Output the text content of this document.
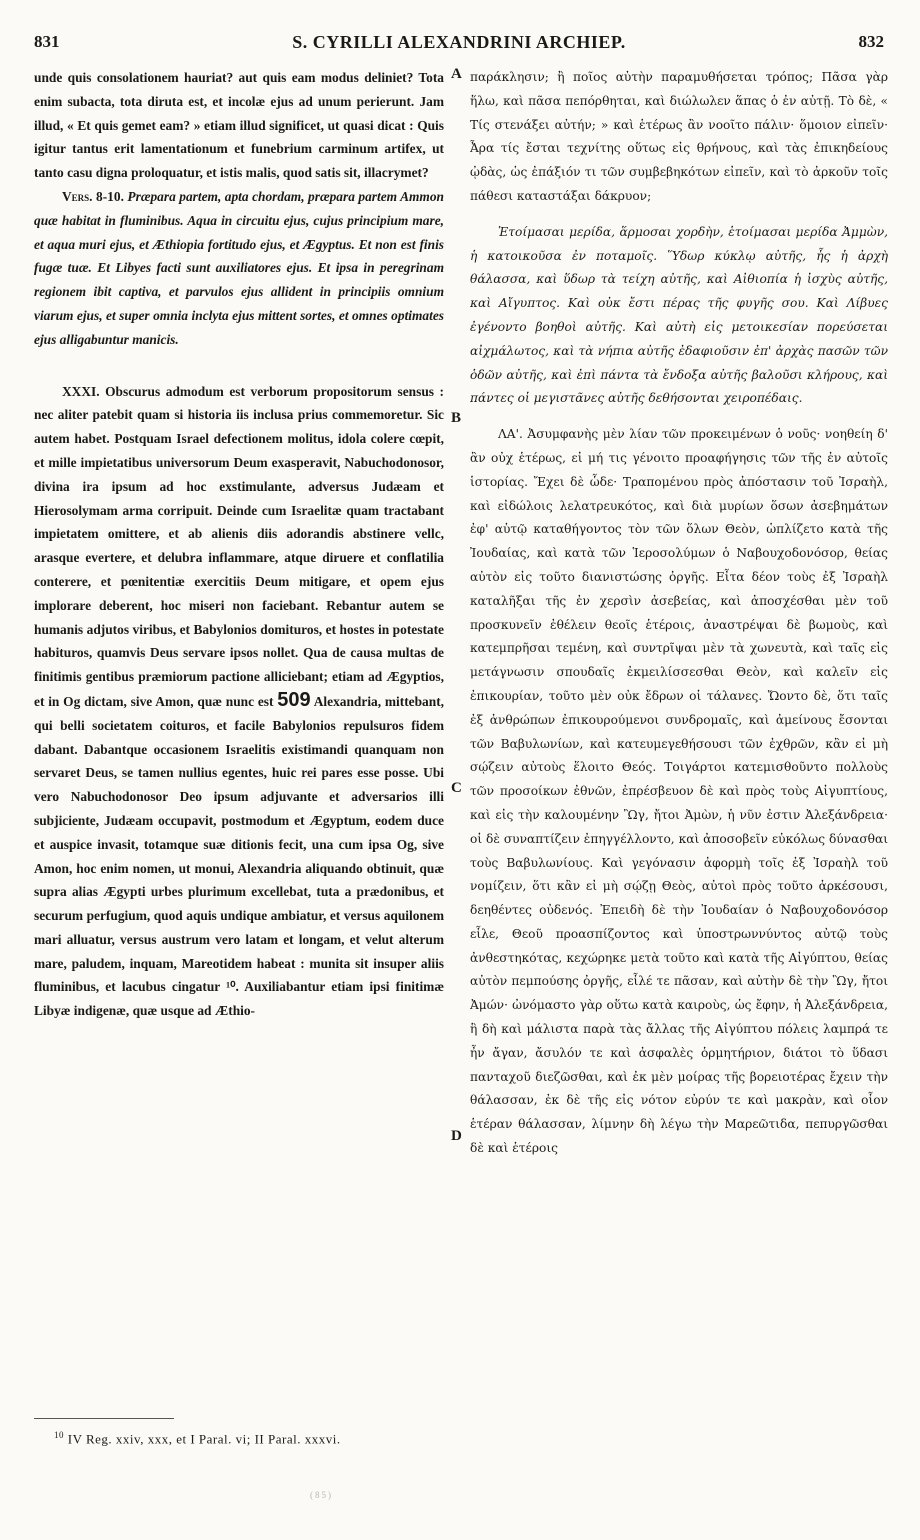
831	S. CYRILLI ALEXANDRINI ARCHIEP.	832

unde quis consolationem hauriat? aut quis eam modus deliniet? Tota enim subacta, tota diruta est, et incolæ ejus ad unum perierunt. Jam illud, « Et quis gemet eam? » etiam illud significet, ut quasi dicat : Quis igitur tantus erit lamentationum et funebrium carminum artifex, ut tanto casu digna proloquatur, et istis malis, quod satis sit, illacrymet?

Vers. 8-10. Præpara partem, apta chordam, præpara partem Ammon quæ habitat in fluminibus. Aqua in circuitu ejus, cujus principium mare, et aqua muri ejus, et Æthiopia fortitudo ejus, et Ægyptus. Et non est finis fugæ tuæ. Et Libyes facti sunt auxiliatores ejus. Et ipsa in peregrinam regionem ibit captiva, et parvulos ejus allident in principiis omnium viarum ejus, et super omnia inclyta ejus mittent sortes, et omnes optimates ejus alligabuntur manicis.

XXXI. Obscurus admodum est verborum propositorum sensus : nec aliter patebit quam si historia iis inclusa prius commemoretur. Sic autem habet. Postquam Israel defectionem molitus, idola colere cœpit, et mille impietatibus universorum Deum exasperavit, Nabuchodonosor, divina ira ipsum ad hoc exstimulante, adversus Judæam et Hierosolymam arma corripuit. Deinde cum Israelitæ quam tractabant impietatem omittere, et ab alienis diis adorandis abstinere vellc, arasque evertere, et delubra inflammare, atque diruere et conflatilia conterere, et pœnitentiæ exercitiis Deum mitigare, et opem ejus implorare deberent, hoc miseri non faciebant. Rebantur autem se humanis adjutos viribus, et Babylonios domituros, et hostes in potestate habituros, quamvis Deus servare ipsos nollet. Qua de causa multas de finitimis gentibus præmiorum pactione alliciebant; etiam ad Ægyptios, et in Og dictam, sive Amon, quæ nunc est 509 Alexandria, mittebant, qui belli societatem coituros, et facile Babylonios repulsuros fidem dabant. Dabantque occasionem Israelitis existimandi quanquam non servaret Deus, se tamen nullius egentes, huic rei pares esse posse. Ubi vero Nabuchodonosor Deo ipsum adjuvante et adversarios illi subjiciente, Judæam occupavit, postmodum et Ægyptum, eodem duce et auspice invasit, totamque suæ ditionis fecit, una cum ipsa Og, sive Amon, hoc enim nomen, ut monui, Alexandria aliquando obtinuit, quæ supra alias Ægypti urbes plurimum excellebat, tuta a prædonibus, et securum perfugium, quod aquis undique ambiatur, et versus aquilonem mari alluatur, versus austrum vero latam et longam, et velut alterum mare, paludem, inquam, Mareotidem habeat : munita sit insuper aliis fluminibus, et lacubus cingatur ¹⁰. Auxiliabantur etiam ipsi finitimæ Libyæ indigenæ, quæ usque ad Æthio-

παράκλησιν; ἢ ποῖος αὐτὴν παραμυθήσεται τρόπος; Πᾶσα γὰρ ἥλω, καὶ πᾶσα πεπόρθηται, καὶ διώλωλεν ἅπας ὁ ἐν αὐτῇ. Τὸ δὲ, « Τίς στενάξει αὐτήν; » καὶ ἑτέρως ἂν νοοῖτο πάλιν· ὅμοιον εἰπεῖν· Ἆρα τίς ἔσται τεχνίτης οὕτως εἰς θρήνους, καὶ τὰς ἐπικηδείους ᾠδὰς, ὡς ἐπάξιόν τι τῶν συμβεβηκότων εἰπεῖν, καὶ τὸ ἀρκοῦν τοῖς πάθεσι καταστάξαι δάκρυον;

Ἑτοίμασαι μερίδα, ἅρμοσαι χορδὴν, ἑτοίμασαι μερίδα Ἀμμὼν, ἡ κατοικοῦσα ἐν ποταμοῖς. Ὕδωρ κύκλῳ αὐτῆς, ἧς ἡ ἀρχὴ θάλασσα, καὶ ὕδωρ τὰ τείχη αὐτῆς, καὶ Αἰθιοπία ἡ ἰσχὺς αὐτῆς, καὶ Αἴγυπτος. Καὶ οὐκ ἔστι πέρας τῆς φυγῆς σου. Καὶ Λίβυες ἐγένοντο βοηθοὶ αὐτῆς. Καὶ αὐτὴ εἰς μετοικεσίαν πορεύσεται αἰχμάλωτος, καὶ τὰ νήπια αὐτῆς ἐδαφιοῦσιν ἐπ' ἀρχὰς πασῶν τῶν ὁδῶν αὐτῆς, καὶ ἐπὶ πάντα τὰ ἔνδοξα αὐτῆς βαλοῦσι κλήρους, καὶ πάντες οἱ μεγιστᾶνες αὐτῆς δεθήσονται χειροπέδαις.

ΛΑ'. Ἀσυμφανὴς μὲν λίαν τῶν προκειμένων ὁ νοῦς· νοηθείη δ' ἂν οὐχ ἑτέρως, εἰ μή τις γένοιτο προαφήγησις τῶν τῆς ἐν αὐτοῖς ἱστορίας. Ἔχει δὲ ὧδε· Τραπομένου πρὸς ἀπόστασιν τοῦ Ἰσραὴλ, καὶ εἰδώλοις λελατρευκότος, καὶ διὰ μυρίων ὅσων ἀσεβημάτων ἐφ' αὑτῷ καταθήγοντος τὸν τῶν ὅλων Θεὸν, ὡπλίζετο κατὰ τῆς Ἰουδαίας, καὶ κατὰ τῶν Ἱεροσολύμων ὁ Ναβουχοδονόσορ, θείας αὐτὸν εἰς τοῦτο διανιστώσης ὀργῆς. Εἶτα δέον τοὺς ἐξ Ἰσραὴλ καταλῆξαι τῆς ἐν χερσὶν ἀσεβείας, καὶ ἀποσχέσθαι μὲν τοῦ προσκυνεῖν ἐθέλειν θεοῖς ἑτέροις, ἀναστρέψαι δὲ βωμοὺς, καὶ κατεμπρῆσαι τεμένη, καὶ συντρῖψαι μὲν τὰ χωνευτὰ, καὶ ταῖς εἰς μετάγνωσιν σπουδαῖς ἐκμειλίσσεσθαι Θεὸν, καὶ καλεῖν εἰς ἐπικουρίαν, τοῦτο μὲν οὐκ ἔδρων οἱ τάλανες. Ὤοντο δὲ, ὅτι ταῖς ἐξ ἀνθρώπων ἐπικουρούμενοι συνδρομαῖς, καὶ ἀμείνους ἔσονται τῶν Βαβυλωνίων, καὶ κατευμεγεθήσουσι τῶν ἐχθρῶν, κἂν εἰ μὴ σῴζειν αὐτοὺς ἕλοιτο Θεός. Τοιγάρτοι κατεμισθοῦντο πολλοὺς τῶν προσοίκων ἐθνῶν, ἐπρέσβευον δὲ καὶ πρὸς τοὺς Αἰγυπτίους, καὶ εἰς τὴν καλουμένην Ὢγ, ἤτοι Ἀμὼν, ἡ νῦν ἐστιν Ἀλεξάνδρεια· οἱ δὲ συναπτίζειν ἐπηγγέλλοντο, καὶ ἀποσοβεῖν εὐκόλως δύνασθαι τοὺς Βαβυλωνίους. Καὶ γεγόνασιν ἀφορμὴ τοῖς ἐξ Ἰσραὴλ τοῦ νομίζειν, ὅτι κἂν εἰ μὴ σῴζῃ Θεὸς, αὐτοὶ πρὸς τοῦτο ἀρκέσουσι, δεηθέντες οὐδενός. Ἐπειδὴ δὲ τὴν Ἰουδαίαν ὁ Ναβουχοδονόσορ εἷλε, Θεοῦ προασπίζοντος καὶ ὑποστρωννύντος αὐτῷ τοὺς ἀνθεστηκότας, κεχώρηκε μετὰ τοῦτο καὶ κατὰ τῆς Αἰγύπτου, θείας αὐτὸν πεμπούσης ὀργῆς, εἷλέ τε πᾶσαν, καὶ αὐτὴν δὲ τὴν Ὢγ, ἤτοι Ἀμών· ὠνόμαστο γὰρ οὕτω κατὰ καιροὺς, ὡς ἔφην, ἡ Ἀλεξάνδρεια, ἣ δὴ καὶ μάλιστα παρὰ τὰς ἄλλας τῆς Αἰγύπτου πόλεις λαμπρά τε ἦν ἄγαν, ἄσυλόν τε καὶ ἀσφαλὲς ὁρμητήριον, διάτοι τὸ ὕδασι πανταχοῦ διεζῶσθαι, καὶ ἐκ μὲν μοίρας τῆς βορειοτέρας ἔχειν τὴν θάλασσαν, ἐκ δὲ τῆς εἰς νότον εὐρύν τε καὶ μακρὰν, καὶ οἷον ἑτέραν θάλασσαν, λίμνην δὴ λέγω τὴν Μαρεῶτιδα, πεπυργῶσθαι δὲ καὶ ἑτέροις

A
B
C
D
$^{10}$ IV Reg. xxiv, xxx, et I Paral. vi; II Paral. xxxvi.
(85)
